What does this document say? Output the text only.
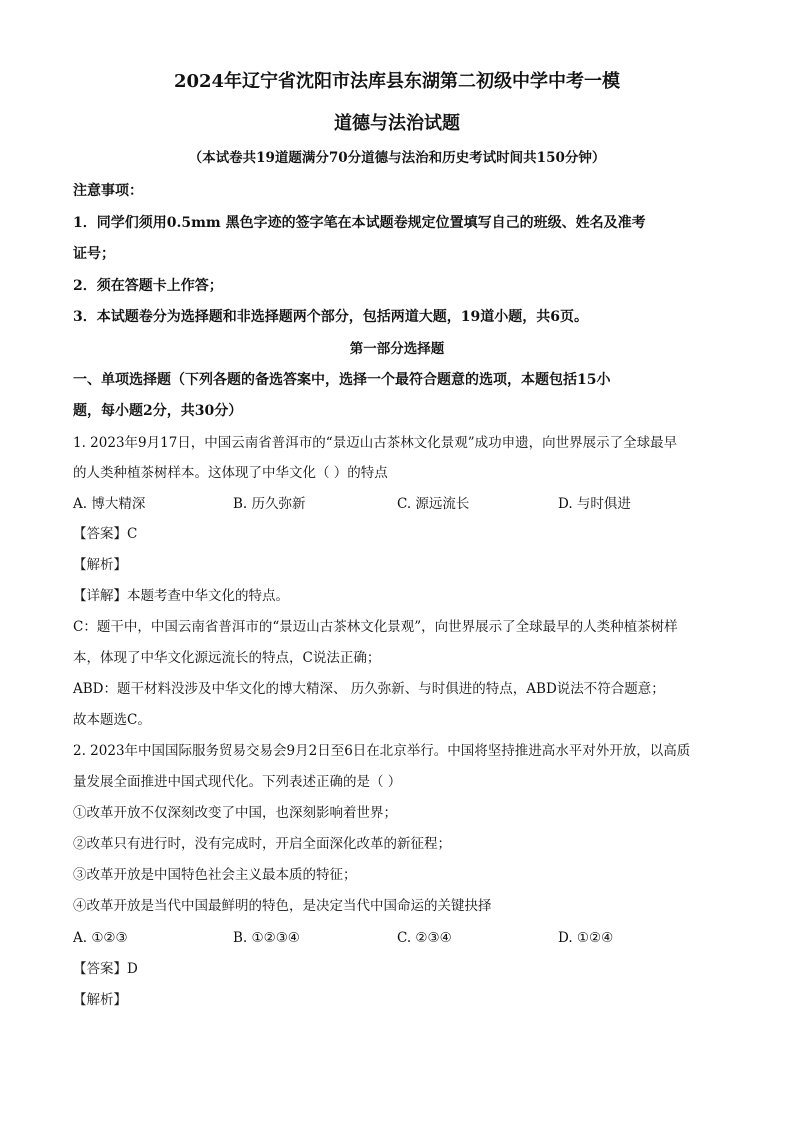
2024年辽宁省沈阳市法库县东湖第二初级中学中考一模
道德与法治试题
（本试卷共19道题满分70分道德与法治和历史考试时间共150分钟）
注意事项：
1．同学们须用0.5mm 黑色字迹的签字笔在本试题卷规定位置填写自己的班级、姓名及准考
证号；
2．须在答题卡上作答；
3．本试题卷分为选择题和非选择题两个部分，包括两道大题，19道小题，共6页。
第一部分选择题
一、单项选择题（下列各题的备选答案中，选择一个最符合题意的选项，本题包括15小
题，每小题2分，共30分）
1. 2023年9月17日，中国云南省普洱市的“景迈山古茶林文化景观”成功申遗，向世界展示了全球最早
的人类种植茶树样本。这体现了中华文化（ ）的特点
A. 博大精深	B. 历久弥新	C. 源远流长	D. 与时俱进
【答案】C
【解析】
【详解】本题考查中华文化的特点。
C：题干中，中国云南省普洱市的“景迈山古茶林文化景观”，向世界展示了全球最早的人类种植茶树样
本，体现了中华文化源远流长的特点，C说法正确；
ABD：题干材料没涉及中华文化的博大精深、 历久弥新、与时俱进的特点，ABD说法不符合题意；
故本题选C。
2. 2023年中国国际服务贸易交易会9月2日至6日在北京举行。中国将坚持推进高水平对外开放，以高质
量发展全面推进中国式现代化。下列表述正确的是（ ）
①改革开放不仅深刻改变了中国，也深刻影响着世界；
②改革只有进行时，没有完成时，开启全面深化改革的新征程；
③改革开放是中国特色社会主义最本质的特征；
④改革开放是当代中国最鲜明的特色，是决定当代中国命运的关键抉择
A. ①②③	B. ①②③④	C. ②③④	D. ①②④
【答案】D
【解析】
